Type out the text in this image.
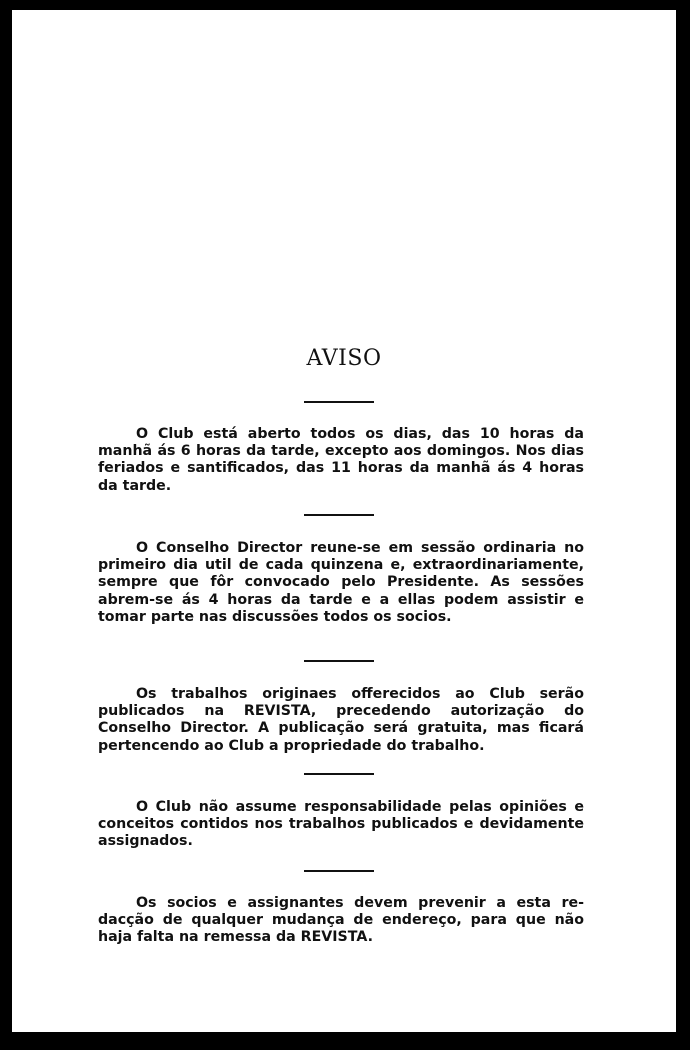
AVISO

O Club está aberto todos os dias, das 10 horas da manhã ás 6 horas da tarde, excepto aos domingos. Nos dias feriados e santificados, das 11 horas da manhã ás 4 horas da tarde.

O Conselho Director reune-se em sessão ordinaria no primeiro dia util de cada quinzena e, extraordinariamente, sempre que fôr convocado pelo Presidente. As sessões abrem-se ás 4 horas da tarde e a ellas podem assistir e tomar parte nas discussões todos os socios.

Os trabalhos originaes offerecidos ao Club serão publicados na REVISTA, precedendo autorização do Conselho Director. A publicação será gratuita, mas ficará pertencendo ao Club a propriedade do trabalho.

O Club não assume responsabilidade pelas opiniões e conceitos contidos nos trabalhos publicados e devidamente assignados.

Os socios e assignantes devem prevenir a esta redacção de qualquer mudança de endereço, para que não haja falta na remessa da REVISTA.
